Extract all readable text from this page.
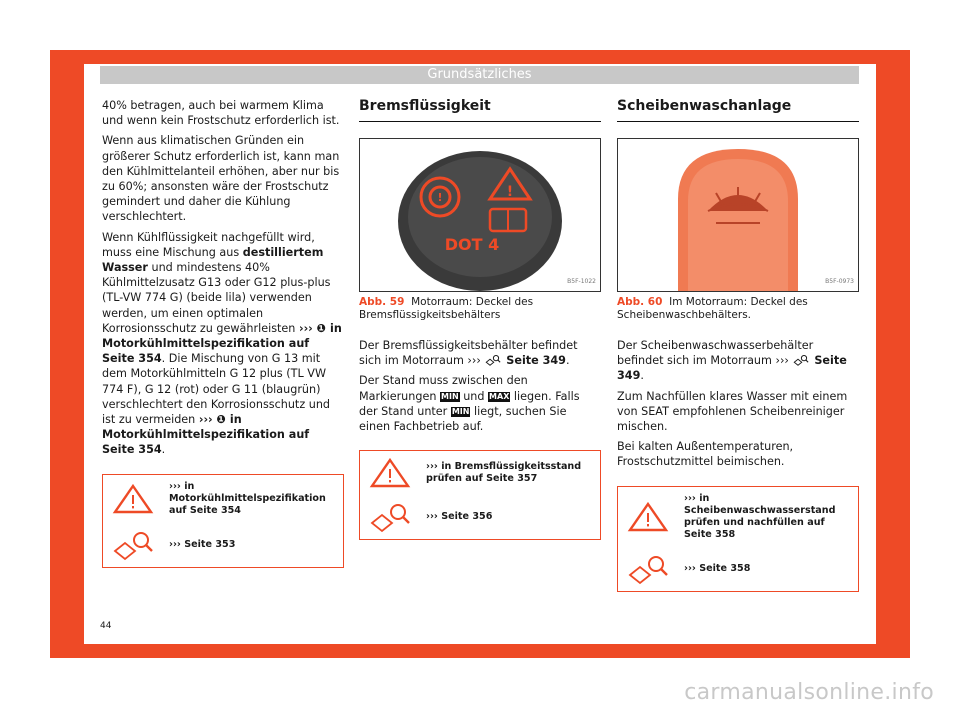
Grundsätzliches

40% betragen, auch bei warmem Klima und wenn kein Frostschutz erforderlich ist.

Wenn aus klimatischen Gründen ein größerer Schutz erforderlich ist, kann man den Kühlmittelanteil erhöhen, aber nur bis zu 60%; ansonsten wäre der Frostschutz gemindert und daher die Kühlung verschlechtert.

Wenn Kühlflüssigkeit nachgefüllt wird, muss eine Mischung aus destilliertem Wasser und mindestens 40% Kühlmittelzusatz G13 oder G12 plus-plus (TL-VW 774 G) (beide lila) verwenden werden, um einen optimalen Korrosionsschutz zu gewährleisten ››› ❶ in Motorkühlmittelspezifikation auf Seite 354. Die Mischung von G 13 mit dem Motorkühlmitteln G 12 plus (TL VW 774 F), G 12 (rot) oder G 11 (blaugrün) verschlechtert den Korrosionsschutz und ist zu vermeiden ››› ❶ in Motorkühlmittelspezifikation auf Seite 354.

››› in Motorkühlmittelspezifikation auf Seite 354
››› Seite 353
Bremsflüssigkeit
!	!
DOT 4
B5F-1022
Abb. 59 Motorraum: Deckel des Bremsflüssigkeitsbehälters

Der Bremsflüssigkeitsbehälter befindet sich im Motorraum ›››  Seite 349.

Der Stand muss zwischen den Markierungen MIN und MAX liegen. Falls der Stand unter MIN liegt, suchen Sie einen Fachbetrieb auf.

››› in Bremsflüssigkeitsstand prüfen auf Seite 357
››› Seite 356
Scheibenwaschanlage
B5F-0973
Abb. 60 Im Motorraum: Deckel des Scheibenwaschbehälters.

Der Scheibenwaschwasserbehälter befindet sich im Motorraum ›››  Seite 349.

Zum Nachfüllen klares Wasser mit einem von SEAT empfohlenen Scheibenreiniger mischen.

Bei kalten Außentemperaturen, Frostschutzmittel beimischen.

››› in Scheibenwaschwasserstand prüfen und nachfüllen auf Seite 358
››› Seite 358
44
carmanualsonline.info
